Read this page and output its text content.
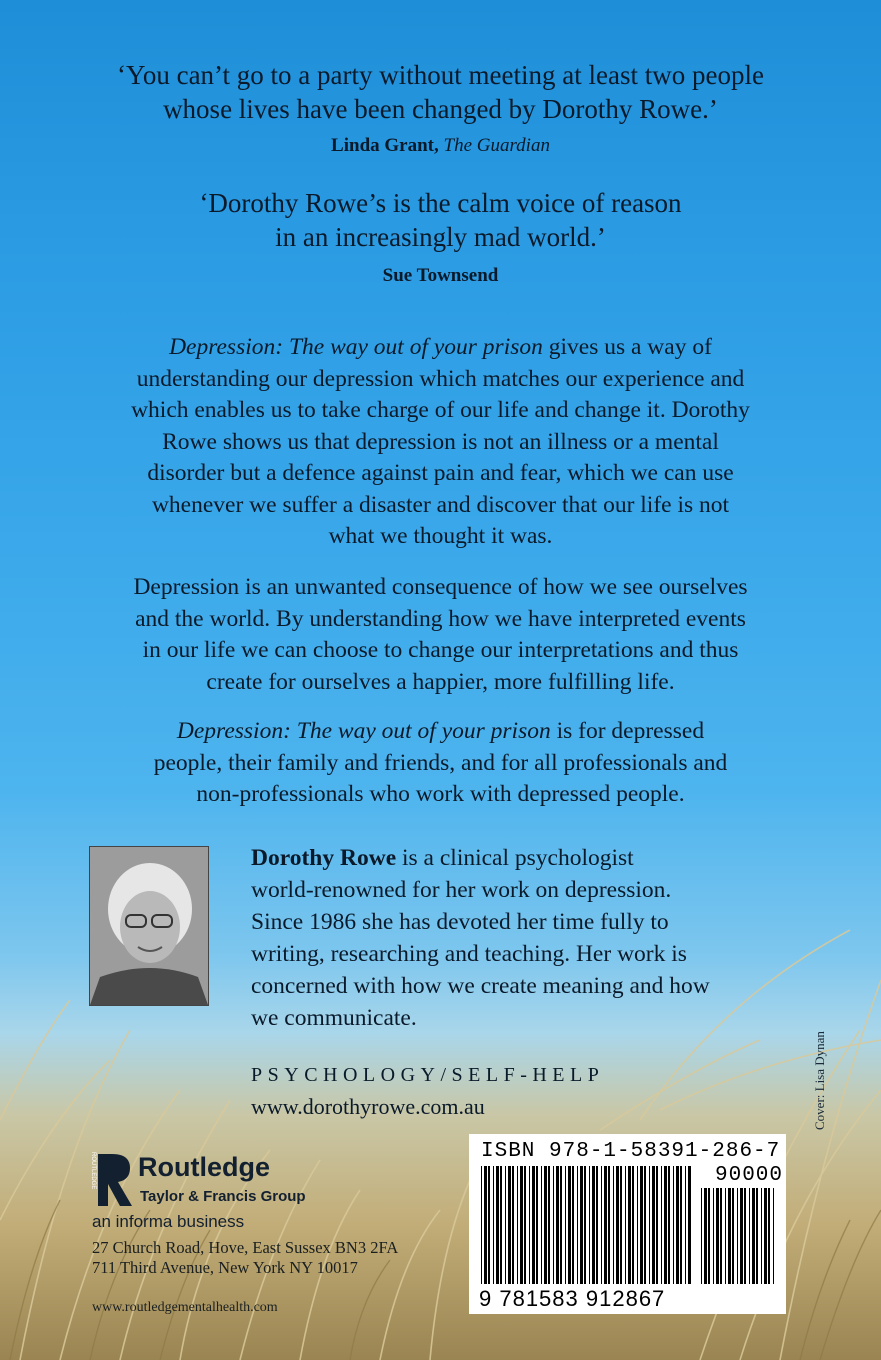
‘You can’t go to a party without meeting at least two people
whose lives have been changed by Dorothy Rowe.’
Linda Grant, The Guardian
‘Dorothy Rowe’s is the calm voice of reason
in an increasingly mad world.’
Sue Townsend
Depression: The way out of your prison gives us a way of
understanding our depression which matches our experience and
which enables us to take charge of our life and change it. Dorothy
Rowe shows us that depression is not an illness or a mental
disorder but a defence against pain and fear, which we can use
whenever we suffer a disaster and discover that our life is not
what we thought it was.
Depression is an unwanted consequence of how we see ourselves
and the world. By understanding how we have interpreted events
in our life we can choose to change our interpretations and thus
create for ourselves a happier, more fulfilling life.
Depression: The way out of your prison is for depressed
people, their family and friends, and for all professionals and
non-professionals who work with depressed people.
Dorothy Rowe is a clinical psychologist
world-renowned for her work on depression.
Since 1986 she has devoted her time fully to
writing, researching and teaching. Her work is
concerned with how we create meaning and how
we communicate.
PSYCHOLOGY/SELF-HELP
www.dorothyrowe.com.au	Cover: Lisa Dynan
ROUTLEDGE Routledge
Taylor & Francis Group
an informa business
27 Church Road, Hove, East Sussex BN3 2FA
711 Third Avenue, New York NY 10017
www.routledgementalhealth.com
ISBN 978-1-58391-286-7
90000
9 781583 912867
